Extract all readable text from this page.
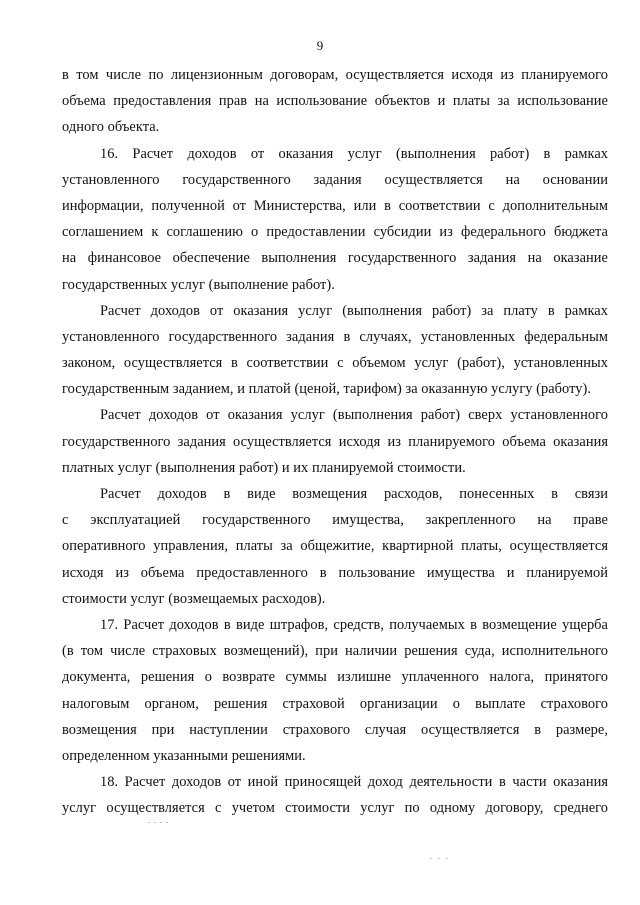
9
в том числе по лицензионным договорам, осуществляется исходя из планируемого
объема предоставления прав на использование объектов и платы за использование
одного объекта.
16. Расчет доходов от оказания услуг (выполнения работ) в рамках
установленного государственного задания осуществляется на основании
информации, полученной от Министерства, или в соответствии с дополнительным
соглашением к соглашению о предоставлении субсидии из федерального бюджета
на финансовое обеспечение выполнения государственного задания на оказание
государственных услуг (выполнение работ).
Расчет доходов от оказания услуг (выполнения работ) за плату в рамках
установленного государственного задания в случаях, установленных федеральным
законом, осуществляется в соответствии с объемом услуг (работ), установленных
государственным заданием, и платой (ценой, тарифом) за оказанную услугу (работу).
Расчет доходов от оказания услуг (выполнения работ) сверх установленного
государственного задания осуществляется исходя из планируемого объема оказания
платных услуг (выполнения работ) и их планируемой стоимости.
Расчет доходов в виде возмещения расходов, понесенных в связи
с эксплуатацией государственного имущества, закрепленного на праве
оперативного управления, платы за общежитие, квартирной платы, осуществляется
исходя из объема предоставленного в пользование имущества и планируемой
стоимости услуг (возмещаемых расходов).
17. Расчет доходов в виде штрафов, средств, получаемых в возмещение ущерба
(в том числе страховых возмещений), при наличии решения суда, исполнительного
документа, решения о возврате суммы излишне уплаченного налога, принятого
налоговым органом, решения страховой организации о выплате страхового
возмещения при наступлении страхового случая осуществляется в размере,
определенном указанными решениями.
18. Расчет доходов от иной приносящей доход деятельности в части оказания
услуг осуществляется с учетом стоимости услуг по одному договору, среднего
